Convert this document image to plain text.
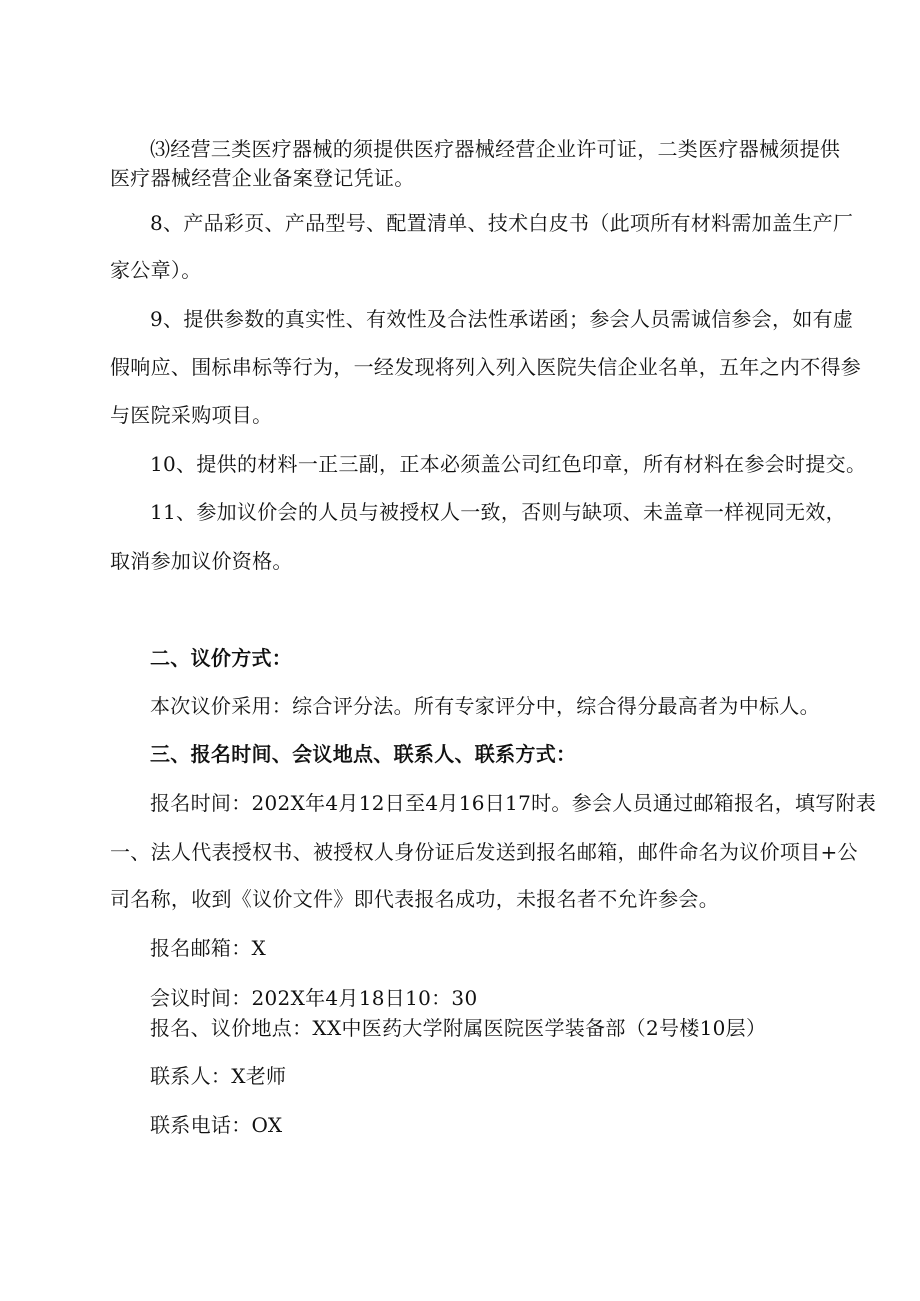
⑶经营三类医疗器械的须提供医疗器械经营企业许可证，二类医疗器械须提供
医疗器械经营企业备案登记凭证。
8、产品彩页、产品型号、配置清单、技术白皮书（此项所有材料需加盖生产厂
家公章）。
9、提供参数的真实性、有效性及合法性承诺函；参会人员需诚信参会，如有虚
假响应、围标串标等行为，一经发现将列入列入医院失信企业名单，五年之内不得参
与医院采购项目。
10、提供的材料一正三副，正本必须盖公司红色印章，所有材料在参会时提交。
11、参加议价会的人员与被授权人一致，否则与缺项、未盖章一样视同无效，
取消参加议价资格。
二、议价方式：
本次议价采用：综合评分法。所有专家评分中，综合得分最高者为中标人。
三、报名时间、会议地点、联系人、联系方式：
报名时间：202X年4月12日至4月16日17时。参会人员通过邮箱报名，填写附表
一、法人代表授权书、被授权人身份证后发送到报名邮箱，邮件命名为议价项目+公
司名称，收到《议价文件》即代表报名成功，未报名者不允许参会。
报名邮箱：X
会议时间：202X年4月18日10：30
报名、议价地点：XX中医药大学附属医院医学装备部（2号楼10层）
联系人：X老师
联系电话：OX
